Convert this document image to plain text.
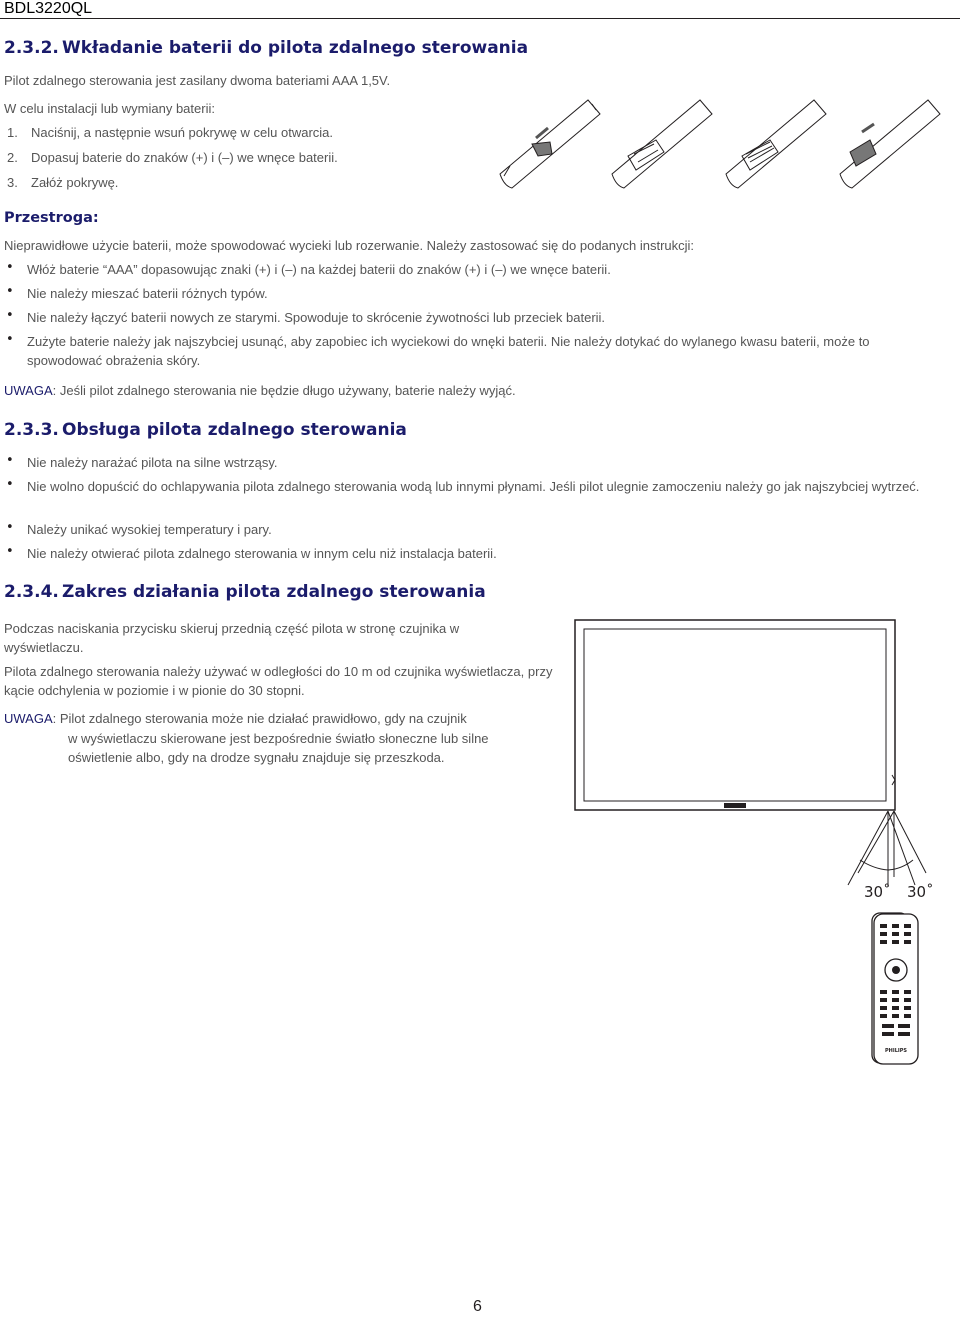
BDL3220QL
2.3.2. Wkładanie baterii do pilota zdalnego sterowania
Pilot zdalnego sterowania jest zasilany dwoma bateriami AAA 1,5V.
W celu instalacji lub wymiany baterii:
1. Naciśnij, a następnie wsuń pokrywę w celu otwarcia.
2. Dopasuj baterie do znaków (+) i (–) we wnęce baterii.
3. Załóż pokrywę.
Przestroga:
Nieprawidłowe użycie baterii, może spowodować wycieki lub rozerwanie. Należy zastosować się do podanych instrukcji:
• Włóż baterie “AAA” dopasowując znaki (+) i (–) na każdej baterii do znaków (+) i (–) we wnęce baterii.
• Nie należy mieszać baterii różnych typów.
• Nie należy łączyć baterii nowych ze starymi. Spowoduje to skrócenie żywotności lub przeciek baterii.
• Zużyte baterie należy jak najszybciej usunąć, aby zapobiec ich wyciekowi do wnęki baterii. Nie należy dotykać do wylanego kwasu baterii, może to spowodować obrażenia skóry.
UWAGA: Jeśli pilot zdalnego sterowania nie będzie długo używany, baterie należy wyjąć.
2.3.3. Obsługa pilota zdalnego sterowania
• Nie należy narażać pilota na silne wstrząsy.
• Nie wolno dopuścić do ochlapywania pilota zdalnego sterowania wodą lub innymi płynami. Jeśli pilot ulegnie zamoczeniu należy go jak najszybciej wytrzeć.
• Należy unikać wysokiej temperatury i pary.
• Nie należy otwierać pilota zdalnego sterowania w innym celu niż instalacja baterii.
2.3.4. Zakres działania pilota zdalnego sterowania
Podczas naciskania przycisku skieruj przednią część pilota w stronę czujnika w wyświetlaczu.
Pilota zdalnego sterowania należy używać w odległości do 10 m od czujnika wyświetlacza, przy kącie odchylenia w poziomie i w pionie do 30 stopni.
UWAGA: Pilot zdalnego sterowania może nie działać prawidłowo, gdy na czujnik
w wyświetlaczu skierowane jest bezpośrednie światło słoneczne lub silne
oświetlenie albo, gdy na drodze sygnału znajduje się przeszkoda.
30˚ 30˚
PHILIPS
6
